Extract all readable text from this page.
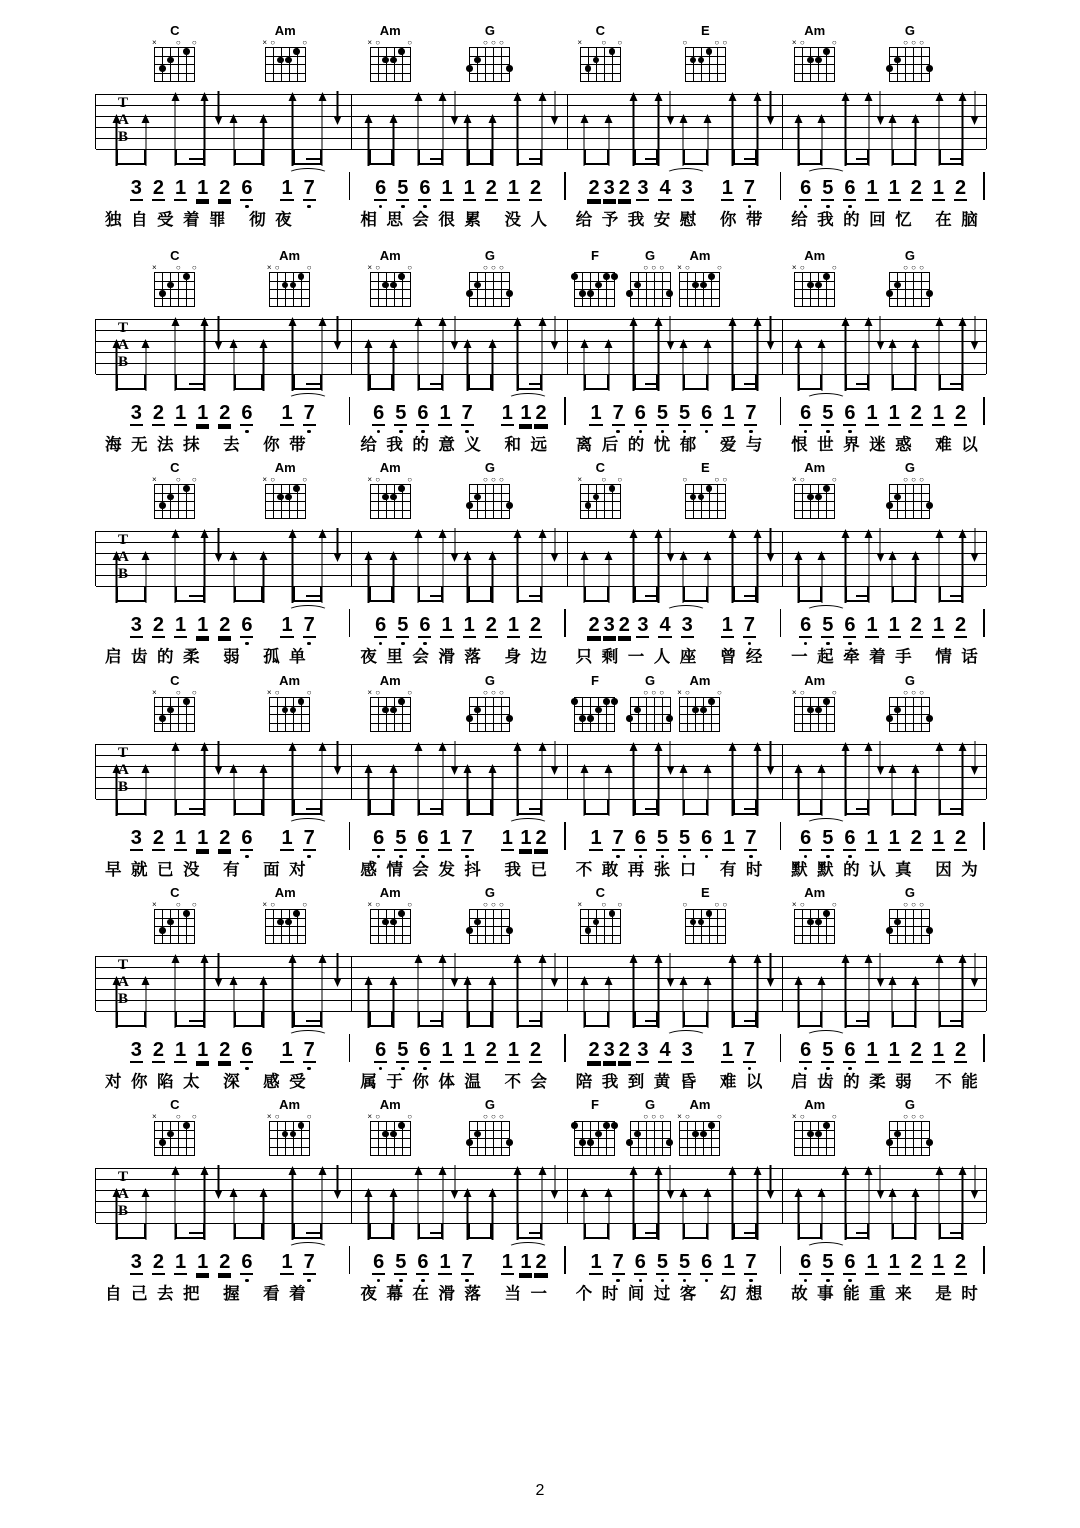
2
C
× ○ ○
Am
× ○	○
Am
× ○	○
G
○ ○ ○
C
× ○ ○
E
○	○ ○
Am
× ○	○
G
○ ○ ○
T
A
B
3 2 1 1 2 6 1 7	6 5 6 1 1 2 1 2 2 3 2 3 4 3 1 7 6 5 6 1 1 2 1 2
独自受着罪 彻夜	相思会很累 没人	给予我安慰 你带	给我的回忆 在脑
C
× ○ ○
Am
× ○	○
Am
× ○	○
G
○ ○ ○
F	G
○ ○ ○
Am
× ○	○
Am
× ○	○
G
○ ○ ○
T
A
B
3 2 1 1 2 6 1 7	6 5 6 1 7 1 1 2 1 7 6 5 5 6 1 7 6 5 6 1 1 2 1 2
海无法抹 去 你带	给我的意义 和远	离后的忧郁 爱与	恨世界迷惑 难以
C
× ○ ○
Am
× ○	○
Am
× ○	○
G
○ ○ ○
C
× ○ ○
E
○	○ ○
Am
× ○	○
G
○ ○ ○
T
A
B
3 2 1 1 2 6 1 7	6 5 6 1 1 2 1 2 2 3 2 3 4 3 1 7 6 5 6 1 1 2 1 2
启齿的柔 弱 孤单	夜里会滑落 身边	只剩一人座 曾经	一起牵着手 情话
C
× ○ ○
Am
× ○	○
Am
× ○	○
G
○ ○ ○
F	G
○ ○ ○
Am
× ○	○
Am
× ○	○
G
○ ○ ○
T
A
B
3 2 1 1 2 6 1 7	6 5 6 1 7 1 1 2 1 7 6 5 5 6 1 7 6 5 6 1 1 2 1 2
早就已没 有 面对	感情会发抖 我已	不敢再张口 有时	默默的认真 因为
C
× ○ ○
Am
× ○	○
Am
× ○	○
G
○ ○ ○
C
× ○ ○
E
○	○ ○
Am
× ○	○
G
○ ○ ○
T
A
B
3 2 1 1 2 6 1 7	6 5 6 1 1 2 1 2 2 3 2 3 4 3 1 7 6 5 6 1 1 2 1 2
对你陷太 深 感受	属于你体温 不会	陪我到黄昏 难以	启齿的柔弱 不能
C
× ○ ○
Am
× ○	○
Am
× ○	○
G
○ ○ ○
F	G
○ ○ ○
Am
× ○	○
Am
× ○	○
G
○ ○ ○
T
A
B
3 2 1 1 2 6 1 7	6 5 6 1 7 1 1 2 1 7 6 5 5 6 1 7 6 5 6 1 1 2 1 2
自己去把 握 看着	夜幕在滑落 当一	个时间过客 幻想	故事能重来 是时
